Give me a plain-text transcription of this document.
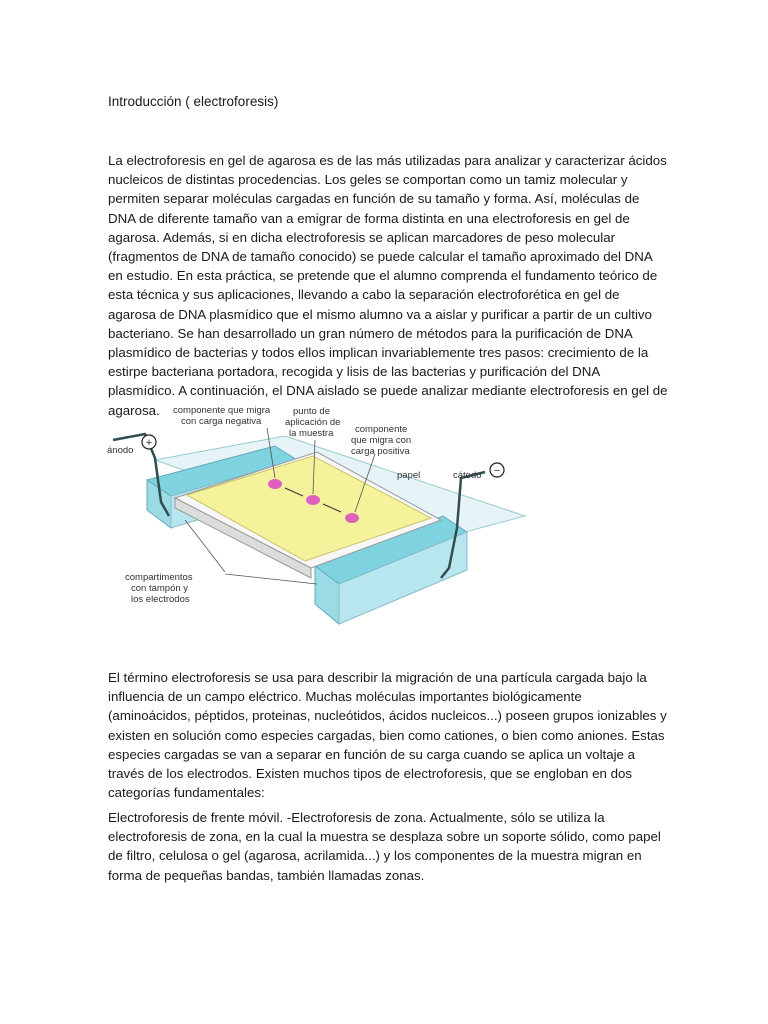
Introducción ( electroforesis)

La electroforesis en gel de agarosa es de las más utilizadas para analizar y caracterizar ácidos nucleicos de distintas procedencias. Los geles se comportan como un tamiz molecular y permiten separar moléculas cargadas en función de su tamaño y forma. Así, moléculas de DNA de diferente tamaño van a emigrar de forma distinta en una electroforesis en gel de agarosa. Además, si en dicha electroforesis se aplican marcadores de peso molecular (fragmentos de DNA de tamaño conocido) se puede calcular el tamaño aproximado del DNA en estudio. En esta práctica, se pretende que el alumno comprenda el fundamento teórico de esta técnica y sus aplicaciones, llevando a cabo la separación electroforética en gel de agarosa de DNA plasmídico que el mismo alumno va a aislar y purificar a partir de un cultivo bacteriano. Se han desarrollado un gran número de métodos para la purificación de DNA plasmídico de bacterias y todos ellos implican invariablemente tres pasos: crecimiento de la estirpe bacteriana portadora, recogida y lisis de las bacterias y purificación del DNA plasmídico. A continuación, el DNA aislado se puede analizar mediante electroforesis en gel de agarosa.

+
−
ánodo
cátodo
componente que migra
con carga negativa
punto de
aplicación de
la muestra componente
que migra con
carga positiva
papel
compartimentos
con tampón y
los electrodos

El término electroforesis se usa para describir la migración de una partícula cargada bajo la influencia de un campo eléctrico. Muchas moléculas importantes biológicamente (aminoácidos, péptidos, proteinas, nucleótidos, ácidos nucleicos...) poseen grupos ionizables y existen en solución como especies cargadas, bien como cationes, o bien como aniones. Estas especies cargadas se van a separar en función de su carga cuando se aplica un voltaje a través de los electrodos. Existen muchos tipos de electroforesis, que se engloban en dos categorías fundamentales:

Electroforesis de frente móvil. -Electroforesis de zona. Actualmente, sólo se utiliza la electroforesis de zona, en la cual la muestra se desplaza sobre un soporte sólido, como papel de filtro, celulosa o gel (agarosa, acrilamida...) y los componentes de la muestra migran en forma de pequeñas bandas, también llamadas zonas.
